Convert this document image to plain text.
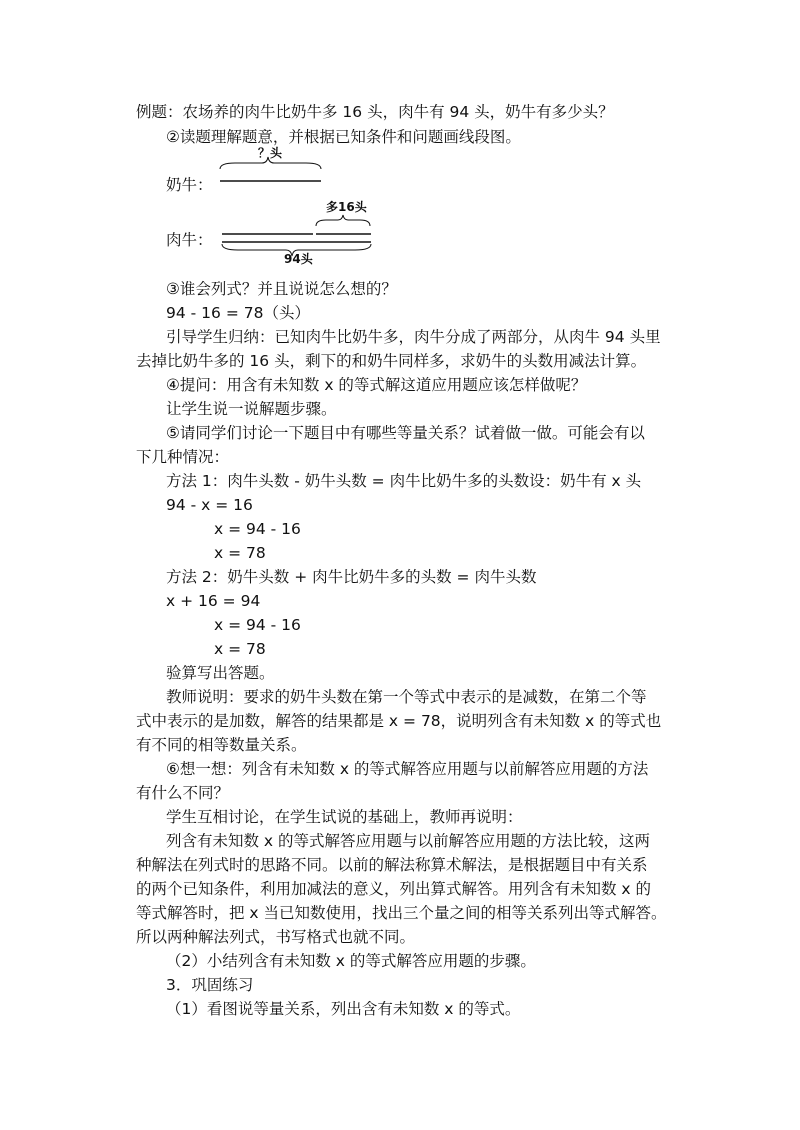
例题：农场养的肉牛比奶牛多 16 头，肉牛有 94 头，奶牛有多少头？
②读题理解题意，并根据已知条件和问题画线段图。
奶牛：
？头
肉牛：
多16头
94头
③谁会列式？并且说说怎么想的？
94 - 16 = 78（头）
引导学生归纳：已知肉牛比奶牛多，肉牛分成了两部分，从肉牛 94 头里
去掉比奶牛多的 16 头，剩下的和奶牛同样多，求奶牛的头数用减法计算。
④提问：用含有未知数 x 的等式解这道应用题应该怎样做呢？
让学生说一说解题步骤。
⑤请同学们讨论一下题目中有哪些等量关系？试着做一做。可能会有以
下几种情况：
方法 1：肉牛头数 - 奶牛头数 = 肉牛比奶牛多的头数设：奶牛有 x 头
94 - x = 16
x = 94 - 16
x = 78
方法 2：奶牛头数 + 肉牛比奶牛多的头数 = 肉牛头数
x + 16 = 94
x = 94 - 16
x = 78
验算写出答题。
教师说明：要求的奶牛头数在第一个等式中表示的是减数，在第二个等
式中表示的是加数，解答的结果都是 x = 78，说明列含有未知数 x 的等式也
有不同的相等数量关系。
⑥想一想：列含有未知数 x 的等式解答应用题与以前解答应用题的方法
有什么不同？
学生互相讨论，在学生试说的基础上，教师再说明：
列含有未知数 x 的等式解答应用题与以前解答应用题的方法比较，这两
种解法在列式时的思路不同。以前的解法称算术解法，是根据题目中有关系
的两个已知条件，利用加减法的意义，列出算式解答。用列含有未知数 x 的
等式解答时，把 x 当已知数使用，找出三个量之间的相等关系列出等式解答。
所以两种解法列式，书写格式也就不同。
（2）小结列含有未知数 x 的等式解答应用题的步骤。
3．巩固练习
（1）看图说等量关系，列出含有未知数 x 的等式。
